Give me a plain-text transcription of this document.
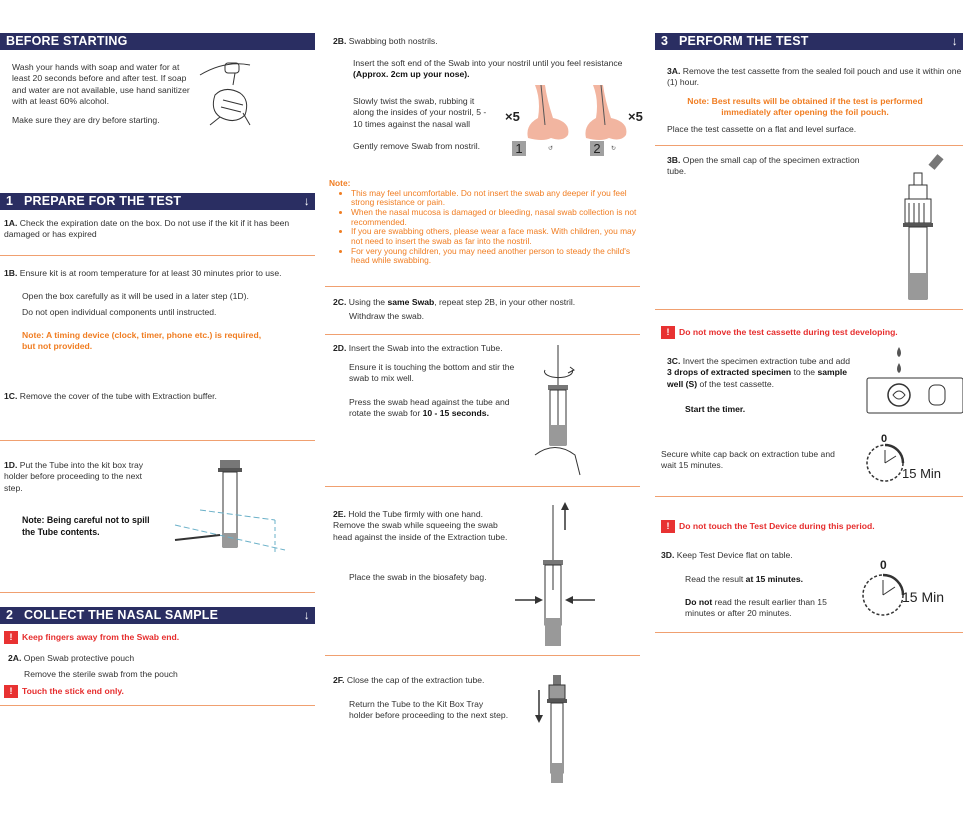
BEFORE STARTING
Wash your hands with soap and water for at least 20 seconds before and after test. If soap and water are not available, use hand sanitizer with at least 60% alcohol.
Make sure they are dry before starting.
1 PREPARE FOR THE TEST	↓
1A. Check the expiration date on the box. Do not use if the kit if it has been damaged or has expired
1B. Ensure kit is at room temperature for at least 30 minutes prior to use.
Open the box carefully as it will be used in a later step (1D).
Do not open individual components until instructed.
Note: A timing device (clock, timer, phone etc.) is required, but not provided.
1C. Remove the cover of the tube with Extraction buffer.
1D. Put the Tube into the kit box tray holder before proceeding to the next step.
Note: Being careful not to spill the Tube contents.
2 COLLECT THE NASAL SAMPLE	↓
! Keep fingers away from the Swab end.
2A. Open Swab protective pouch
Remove the sterile swab from the pouch
! Touch the stick end only.
2B. Swabbing both nostrils.
Insert the soft end of the Swab into your nostril until you feel resistance (Approx. 2cm up your nose).
Slowly twist the swab, rubbing it along the insides of your nostril, 5 - 10 times against the nasal wall
Gently remove Swab from nostril.
×5	×5
↺	↻
1	2
Note:
• This may feel uncomfortable. Do not insert the swab any deeper if you feel strong resistance or pain.
• When the nasal mucosa is damaged or bleeding, nasal swab collection is not recommended.
• If you are swabbing others, please wear a face mask. With children, you may not need to insert the swab as far into the nostril.
• For very young children, you may need another person to steady the child's head while swabbing.
2C. Using the same Swab, repeat step 2B, in your other nostril.
Withdraw the swab.
2D. Insert the Swab into the extraction Tube.
Ensure it is touching the bottom and stir the swab to mix well.
Press the swab head against the tube and rotate the swab for 10 - 15 seconds.
2E. Hold the Tube firmly with one hand. Remove the swab while squeeing the swab head against the inside of the Extraction tube.
Place the swab in the biosafety bag.
2F. Close the cap of the extraction tube.
Return the Tube to the Kit Box Tray holder before proceeding to the next step.
3 PERFORM THE TEST	↓
3A. Remove the test cassette from the sealed foil pouch and use it within one (1) hour.
Note: Best results will be obtained if the test is performed immediately after opening the foil pouch.
Place the test cassette on a flat and level surface.
3B. Open the small cap of the specimen extraction tube.
! Do not move the test cassette during test developing.
3C. Invert the specimen extraction tube and add 3 drops of extracted specimen to the sample well (S) of the test cassette.
Start the timer.
Secure white cap back on extraction tube and wait 15 minutes.
0
15 Min
! Do not touch the Test Device during this period.
3D. Keep Test Device flat on table.
Read the result at 15 minutes.
Do not read the result earlier than 15 minutes or after 20 minutes.
0
15 Min
